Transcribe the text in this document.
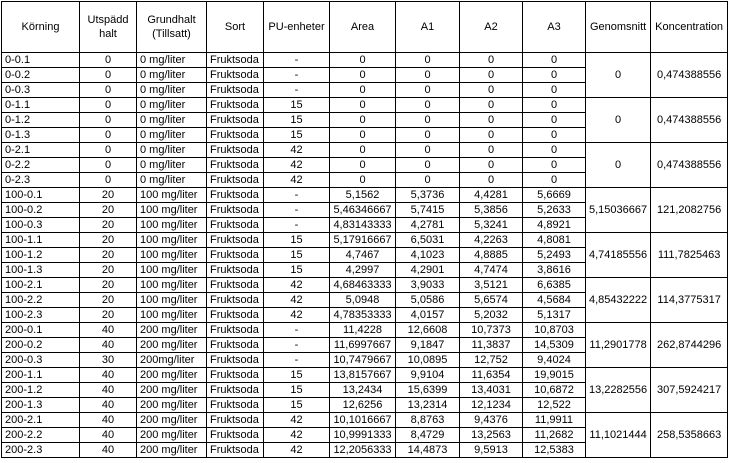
Körning	Utspädd halt	Grundhalt (Tillsatt)	Sort	PU-enheter	Area	A1	A2	A3	Genomsnitt	Koncentration
0-0.1	0	0 mg/liter	Fruktsoda	-	0	0	0	0	0	0,474388556
0-0.2	0	0 mg/liter	Fruktsoda	-	0	0	0	0		
0-0.3	0	0 mg/liter	Fruktsoda	-	0	0	0	0		
0-1.1	0	0 mg/liter	Fruktsoda	15	0	0	0	0	0	0,474388556
0-1.2	0	0 mg/liter	Fruktsoda	15	0	0	0	0		
0-1.3	0	0 mg/liter	Fruktsoda	15	0	0	0	0		
0-2.1	0	0 mg/liter	Fruktsoda	42	0	0	0	0	0	0,474388556
0-2.2	0	0 mg/liter	Fruktsoda	42	0	0	0	0		
0-2.3	0	0 mg/liter	Fruktsoda	42	0	0	0	0		
100-0.1	20	100 mg/liter	Fruktsoda	-	5,1562	5,3736	4,4281	5,6669	5,15036667	121,2082756
100-0.2	20	100 mg/liter	Fruktsoda	-	5,46346667	5,7415	5,3856	5,2633		
100-0.3	20	100 mg/liter	Fruktsoda	-	4,83143333	4,2781	5,3241	4,8921		
100-1.1	20	100 mg/liter	Fruktsoda	15	5,17916667	6,5031	4,2263	4,8081	4,74185556	111,7825463
100-1.2	20	100 mg/liter	Fruktsoda	15	4,7467	4,1023	4,8885	5,2493		
100-1.3	20	100 mg/liter	Fruktsoda	15	4,2997	4,2901	4,7474	3,8616		
100-2.1	20	100 mg/liter	Fruktsoda	42	4,68463333	3,9033	3,5121	6,6385	4,85432222	114,3775317
100-2.2	20	100 mg/liter	Fruktsoda	42	5,0948	5,0586	5,6574	4,5684		
100-2.3	20	100 mg/liter	Fruktsoda	42	4,78353333	4,0157	5,2032	5,1317		
200-0.1	40	200 mg/liter	Fruktsoda	-	11,4228	12,6608	10,7373	10,8703	11,2901778	262,8744296
200-0.2	40	200 mg/liter	Fruktsoda	-	11,6997667	9,1847	11,3837	14,5309		
200-0.3	30	200mg/liter	Fruktsoda	-	10,7479667	10,0895	12,752	9,4024		
200-1.1	40	200 mg/liter	Fruktsoda	15	13,8157667	9,9104	11,6354	19,9015	13,2282556	307,5924217
200-1.2	40	200 mg/liter	Fruktsoda	15	13,2434	15,6399	13,4031	10,6872		
200-1.3	40	200 mg/liter	Fruktsoda	15	12,6256	13,2314	12,1234	12,522		
200-2.1	40	200 mg/liter	Fruktsoda	42	10,1016667	8,8763	9,4376	11,9911	11,1021444	258,5358663
200-2.2	40	200 mg/liter	Fruktsoda	42	10,9991333	8,4729	13,2563	11,2682		
200-2.3	40	200 mg/liter	Fruktsoda	42	12,2056333	14,4873	9,5913	12,5383		
